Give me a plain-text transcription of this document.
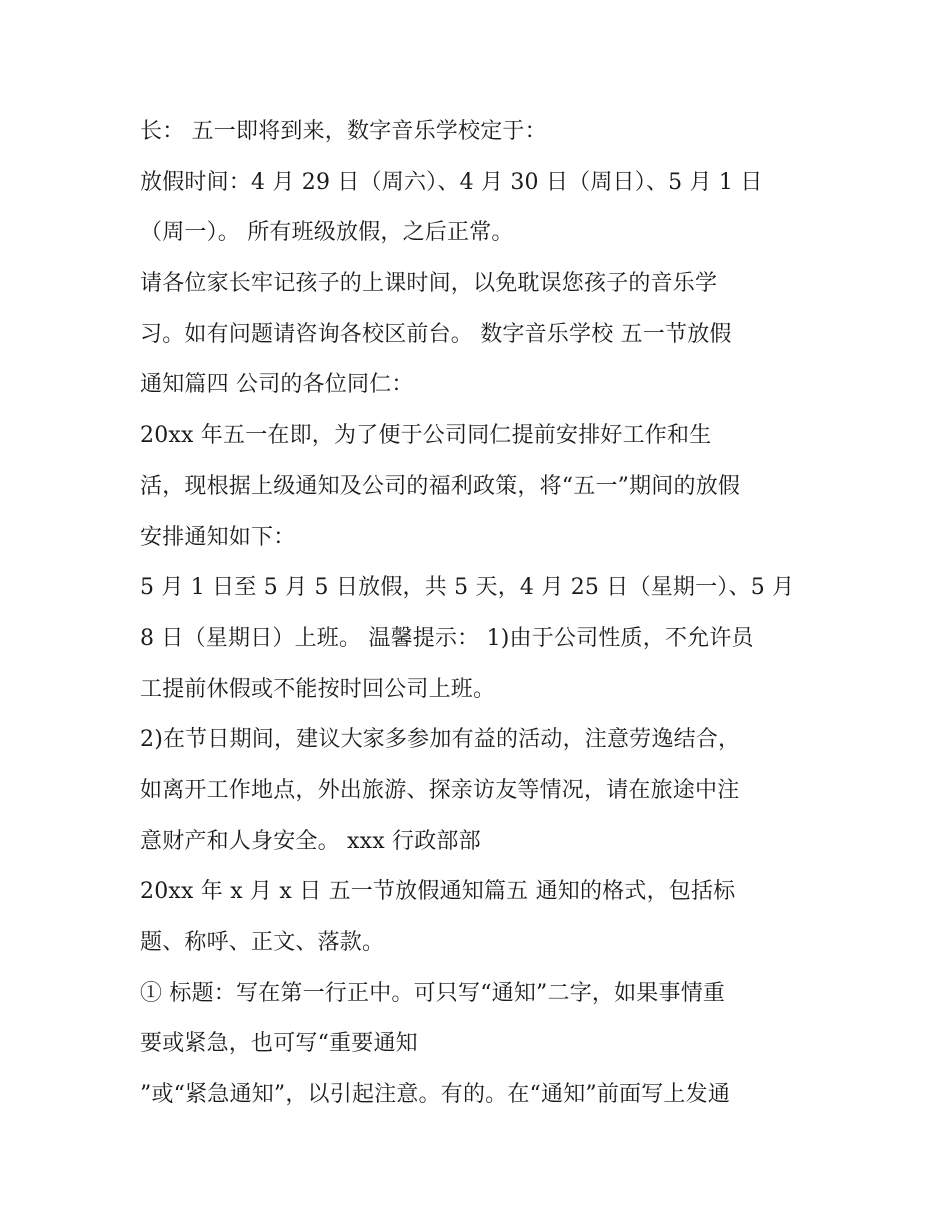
长： 五一即将到来，数字音乐学校定于：
放假时间：4 月 29 日（周六）、4 月 30 日（周日）、5 月 1 日
（周一）。 所有班级放假，之后正常。
请各位家长牢记孩子的上课时间，以免耽误您孩子的音乐学
习。如有问题请咨询各校区前台。 数字音乐学校 五一节放假
通知篇四 公司的各位同仁：
20xx 年五一在即，为了便于公司同仁提前安排好工作和生
活，现根据上级通知及公司的福利政策，将“五一”期间的放假
安排通知如下：
5 月 1 日至 5 月 5 日放假，共 5 天，4 月 25 日（星期一）、5 月
8 日（星期日）上班。 温馨提示： 1)由于公司性质，不允许员
工提前休假或不能按时回公司上班。
2)在节日期间，建议大家多参加有益的活动，注意劳逸结合，
如离开工作地点，外出旅游、探亲访友等情况，请在旅途中注
意财产和人身安全。 xxx 行政部部
20xx 年 x 月 x 日 五一节放假通知篇五 通知的格式，包括标
题、称呼、正文、落款。
① 标题：写在第一行正中。可只写“通知”二字，如果事情重
要或紧急，也可写“重要通知
”或“紧急通知”，以引起注意。有的。在“通知”前面写上发通
